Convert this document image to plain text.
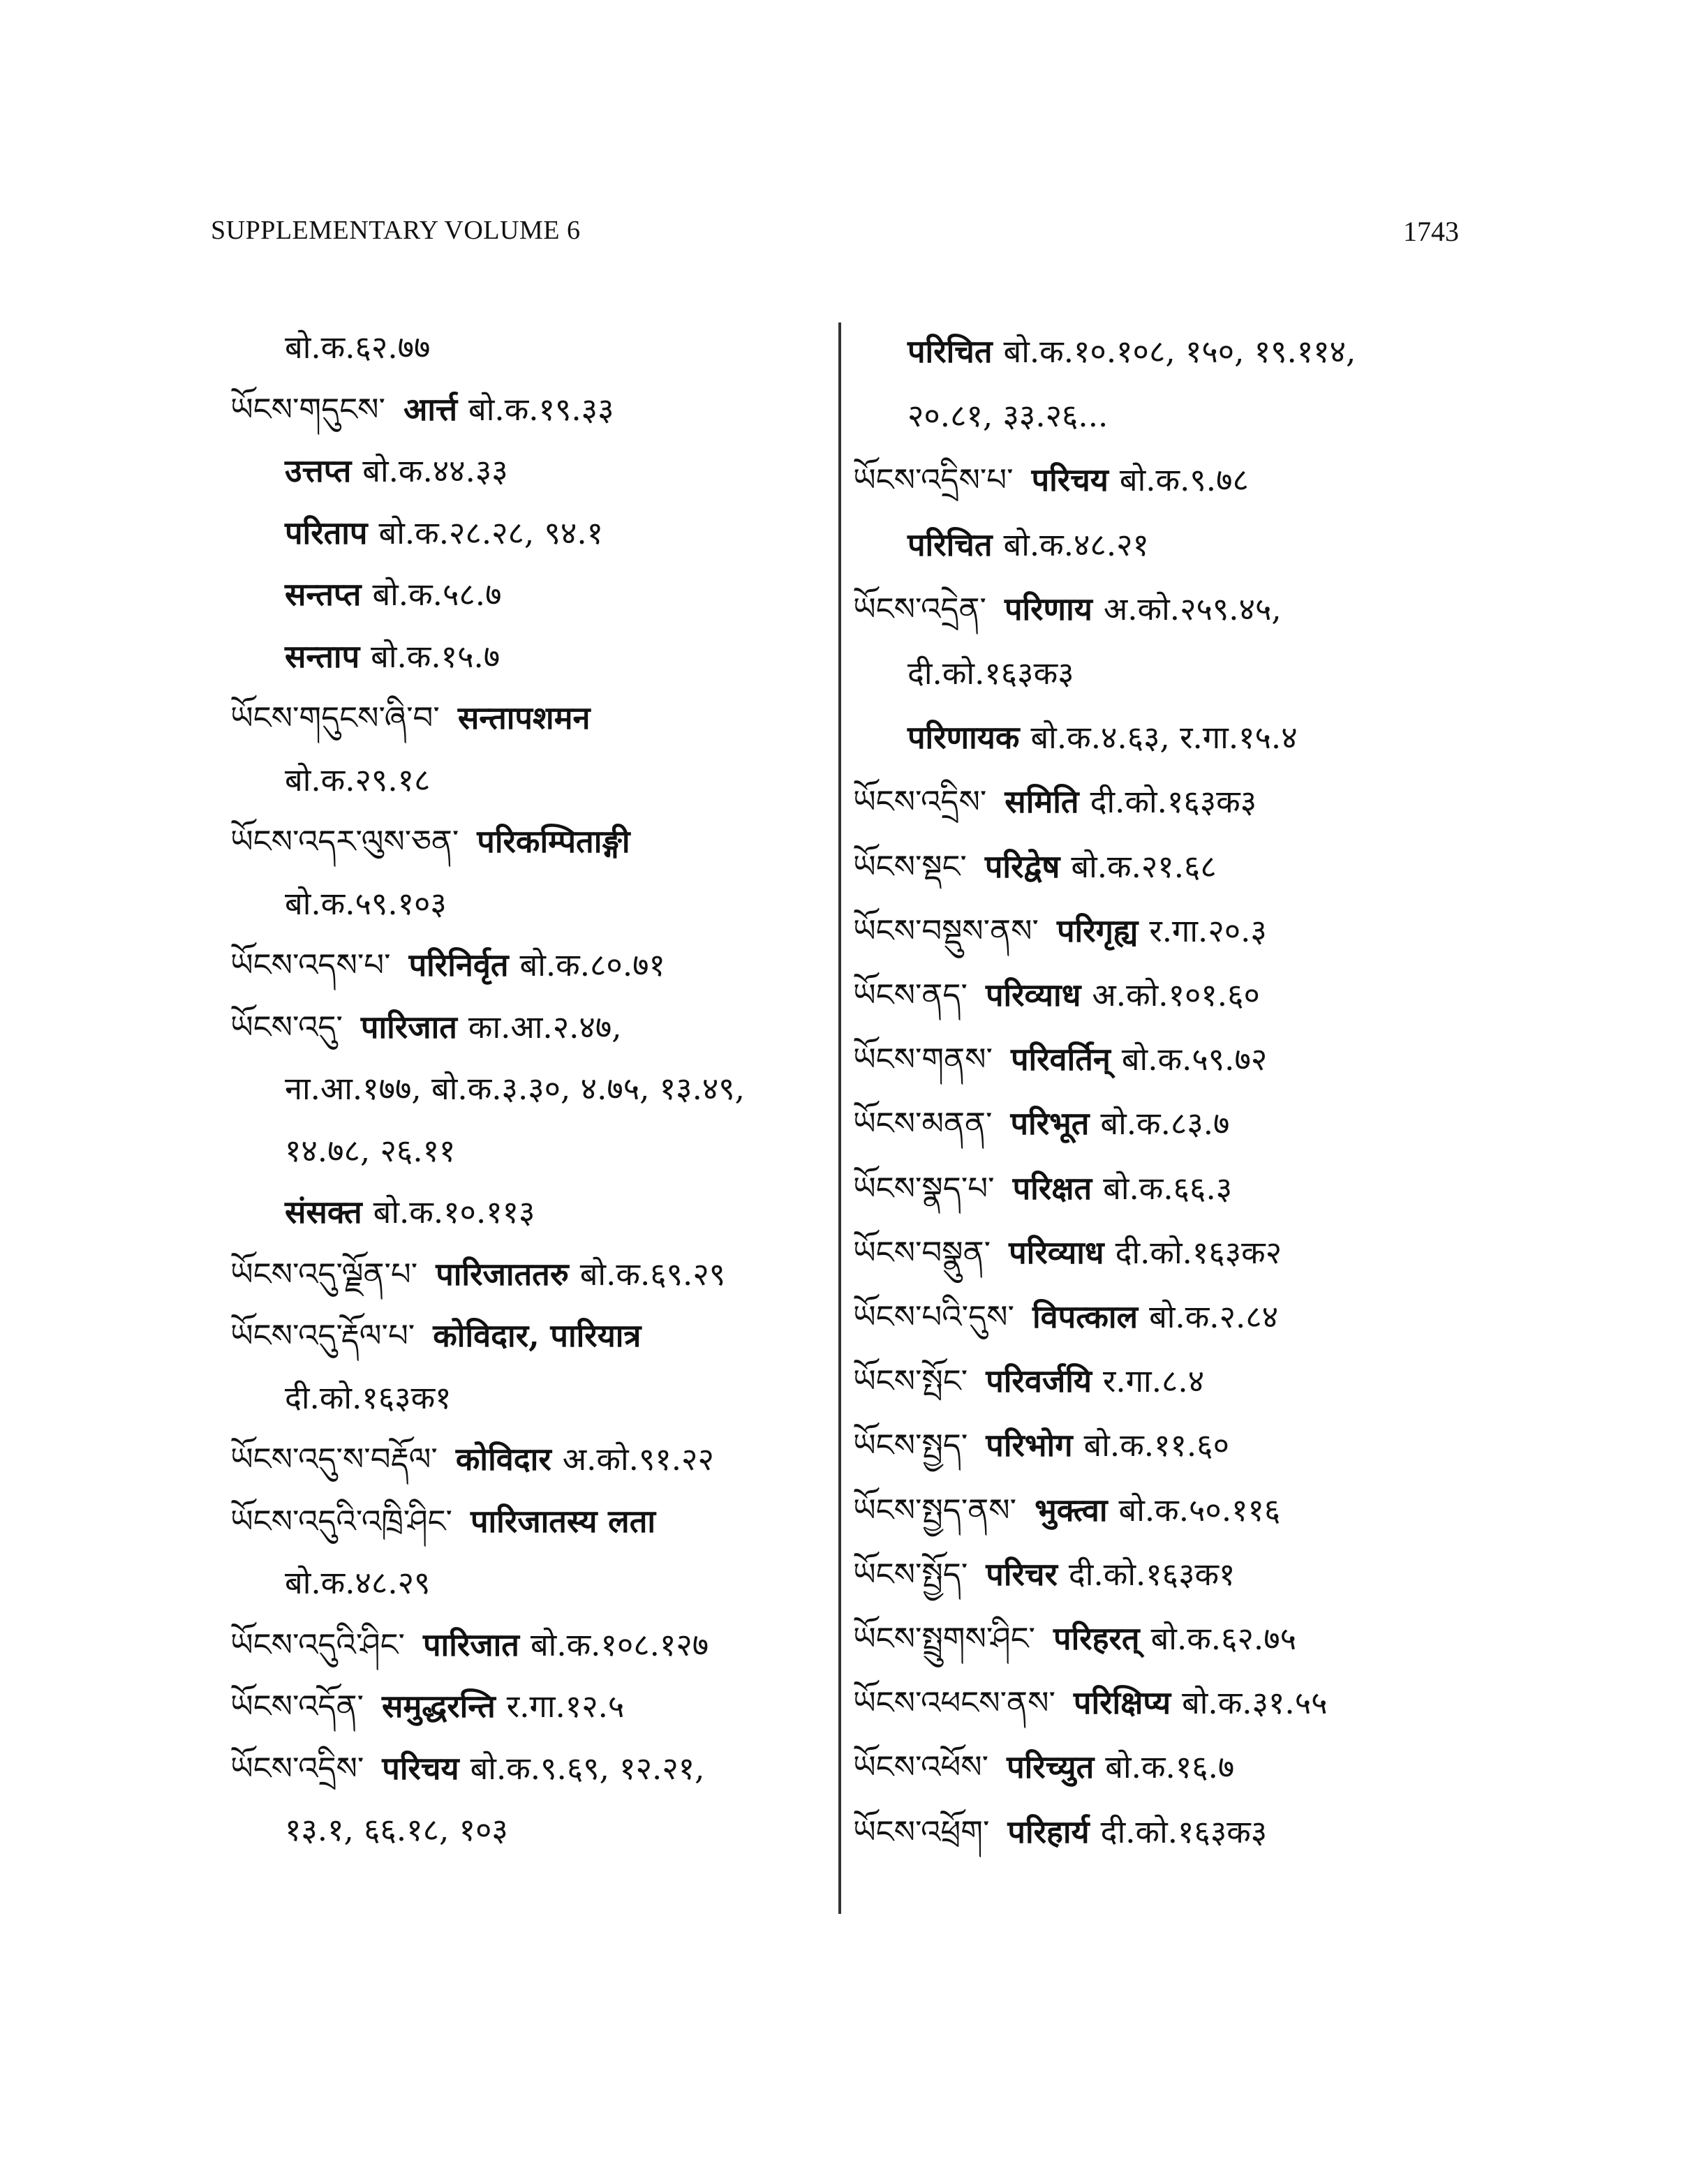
SUPPLEMENTARY VOLUME 6	1743
बो.क.६२.७७
ཡོངས་གདུངས་ आर्त्त बो.क.१९.३३
उत्तप्त बो.क.४४.३३
परिताप बो.क.२८.२८, ९४.१
सन्तप्त बो.क.५८.७
सन्ताप बो.क.१५.७
ཡོངས་གདུངས་ཞི་བ་ सन्तापशमन
बो.क.२९.१८
ཡོངས་འདར་ལུས་ཅན་ परिकम्पिताङ्गी
बो.क.५९.१०३
ཡོངས་འདས་པ་ परिनिर्वृत बो.क.८०.७१
ཡོངས་འདུ་ पारिजात का.आ.२.४७,
ना.आ.१७७, बो.क.३.३०, ४.७५, १३.४९,
१४.७८, २६.११
संसक्त बो.क.१०.११३
ཡོངས་འདུ་ལྗོན་པ་ पारिजाततरु बो.क.६९.२९
ཡོངས་འདུ་རྡོལ་པ་ कोविदार, पारियात्र
दी.को.१६३क१
ཡོངས་འདུ་ས་བརྡོལ་ कोविदार अ.को.९१.२२
ཡོངས་འདུའི་འཁྲི་ཤིང་ पारिजातस्य लता
बो.क.४८.२९
ཡོངས་འདུའི་ཤིང་ पारिजात बो.क.१०८.१२७
ཡོངས་འདོན་ समुद्धरन्ति र.गा.१२.५
ཡོངས་འདྲིས་ परिचय बो.क.९.६९, १२.२१,
१३.१, ६६.१८, १०३
परिचित बो.क.१०.१०८, १५०, १९.११४,
२०.८१, ३३.२६...
ཡོངས་འདྲིས་པ་ परिचय बो.क.९.७८
परिचित बो.क.४८.२१
ཡོངས་འདྲེན་ परिणाय अ.को.२५९.४५,
दी.को.१६३क३
परिणायक बो.क.४.६३, र.गा.१५.४
ཡོངས་འདྲིས་ समिति दी.को.१६३क३
ཡོངས་སྡང་ परिद्वेष बो.क.२१.६८
ཡོངས་བསྡུས་ནས་ परिगृह्य र.गा.२०.३
ཡོངས་ནད་ परिव्याध अ.को.१०१.६०
ཡོངས་གནས་ परिवर्तिन् बो.क.५९.७२
ཡོངས་མནན་ परिभूत बो.क.८३.७
ཡོངས་སྣད་པ་ परिक्षत बो.क.६६.३
ཡོངས་བསྣུན་ परिव्याध दी.को.१६३क२
ཡོངས་པའི་དུས་ विपत्काल बो.क.२.८४
ཡོངས་སྤོང་ परिवर्जयि र.गा.८.४
ཡོངས་སྤྱད་ परिभोग बो.क.११.६०
ཡོངས་སྤྱད་ནས་ भुक्त्वा बो.क.५०.११६
ཡོངས་སྤྱོད་ परिचर दी.को.१६३क१
ཡོངས་སྤྲུགས་ཤིང་ परिहरत् बो.क.६२.७५
ཡོངས་འཕངས་ནས་ परिक्षिप्य बो.क.३१.५५
ཡོངས་འཕོས་ परिच्युत बो.क.१६.७
ཡོངས་འཕྲོག་ परिहार्य दी.को.१६३क३
